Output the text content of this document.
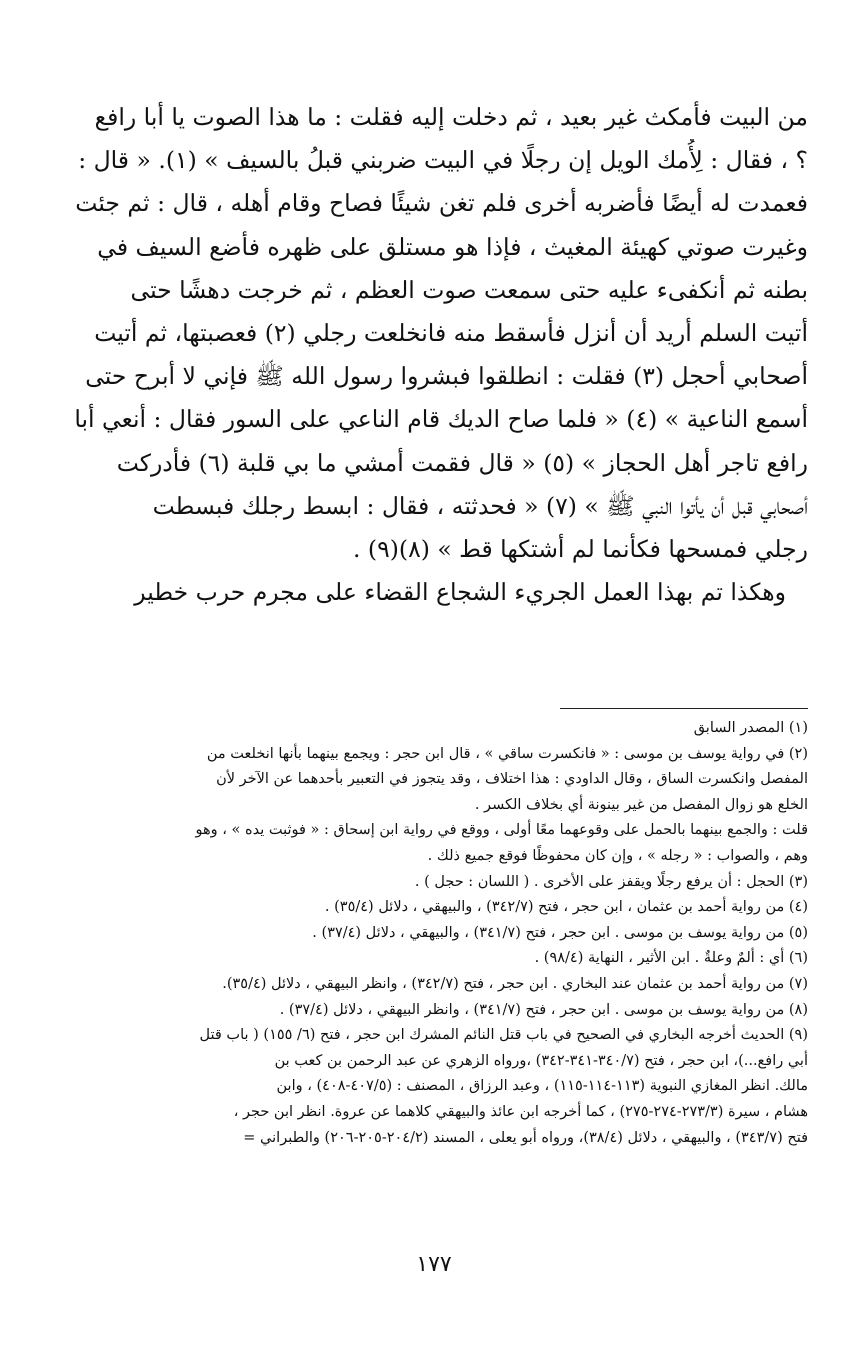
من البيت فأمكث غير بعيد ، ثم دخلت إليه فقلت : ما هذا الصوت يا أبا رافع
؟ ، فقال : لِأُمك الويل إن رجلًا في البيت ضربني قبلُ بالسيف » (١). « قال :
فعمدت له أيضًا فأضربه أخرى فلم تغن شيئًا فصاح وقام أهله ، قال : ثم جئت
وغيرت صوتي كهيئة المغيث ، فإذا هو مستلق على ظهره فأضع السيف في
بطنه ثم أنكفىء عليه حتى سمعت صوت العظم ، ثم خرجت دهشًا حتى
أتيت السلم أريد أن أنزل فأسقط منه فانخلعت رجلي (٢) فعصبتها، ثم أتيت
أصحابي أحجل (٣) فقلت : انطلقوا فبشروا رسول الله ﷺ فإني لا أبرح حتى
أسمع الناعية » (٤) « فلما صاح الديك قام الناعي على السور فقال : أنعي أبا
رافع تاجر أهل الحجاز » (٥) « قال فقمت أمشي ما بي قلبة (٦) فأدركت
أصحابي قبل أن يأتوا النبي ﷺ » (٧) « فحدثته ، فقال : ابسط رجلك فبسطت
رجلي فمسحها فكأنما لم أشتكها قط » (٨)(٩) .
وهكذا تم بهذا العمل الجريء الشجاع القضاء على مجرم حرب خطير
(١) المصدر السابق
(٢) في رواية يوسف بن موسى : « فانكسرت ساقي » ، قال ابن حجر : ويجمع بينهما بأنها انخلعت من
المفصل وانكسرت الساق ، وقال الداودي : هذا اختلاف ، وقد يتجوز في التعبير بأحدهما عن الآخر لأن
الخلع هو زوال المفصل من غير بينونة أي بخلاف الكسر .
قلت : والجمع بينهما بالحمل على وقوعهما معًا أولى ، ووقع في رواية ابن إسحاق : « فوثبت يده » ، وهو
وهم ، والصواب : « رجله » ، وإن كان محفوظًا فوقع جميع ذلك .
(٣) الحجل : أن يرفع رجلًا ويقفز على الأخرى . ( اللسان : حجل ) .
(٤) من رواية أحمد بن عثمان ، ابن حجر ، فتح (٣٤٢/٧) ، والبيهقي ، دلائل (٣٥/٤) .
(٥) من رواية يوسف بن موسى . ابن حجر ، فتح (٣٤١/٧) ، والبيهقي ، دلائل (٣٧/٤) .
(٦) أي : ألمٌ وعلةٌ . ابن الأثير ، النهاية (٩٨/٤) .
(٧) من رواية أحمد بن عثمان عند البخاري . ابن حجر ، فتح (٣٤٢/٧) ، وانظر البيهقي ، دلائل (٣٥/٤).
(٨) من رواية يوسف بن موسى . ابن حجر ، فتح (٣٤١/٧) ، وانظر البيهقي ، دلائل (٣٧/٤) .
(٩) الحديث أخرجه البخاري في الصحيح في باب قتل النائم المشرك ابن حجر ، فتح (٦/ ١٥٥) ( باب قتل
أبي رافع...)، ابن حجر ، فتح (٣٤٠/٧-٣٤١-٣٤٢) ،ورواه الزهري عن عبد الرحمن بن كعب بن
مالك. انظر المغازي النبوية (١١٣-١١٤-١١٥) ، وعبد الرزاق ، المصنف : (٤٠٧/٥-٤٠٨) ، وابن
هشام ، سيرة (٢٧٣/٣-٢٧٤-٢٧٥) ، كما أخرجه ابن عائذ والبيهقي كلاهما عن عروة. انظر ابن حجر ،
فتح (٣٤٣/٧) ، والبيهقي ، دلائل (٣٨/٤)، ورواه أبو يعلى ، المسند (٢٠٤/٢-٢٠٥-٢٠٦) والطبراني =
١٧٧
